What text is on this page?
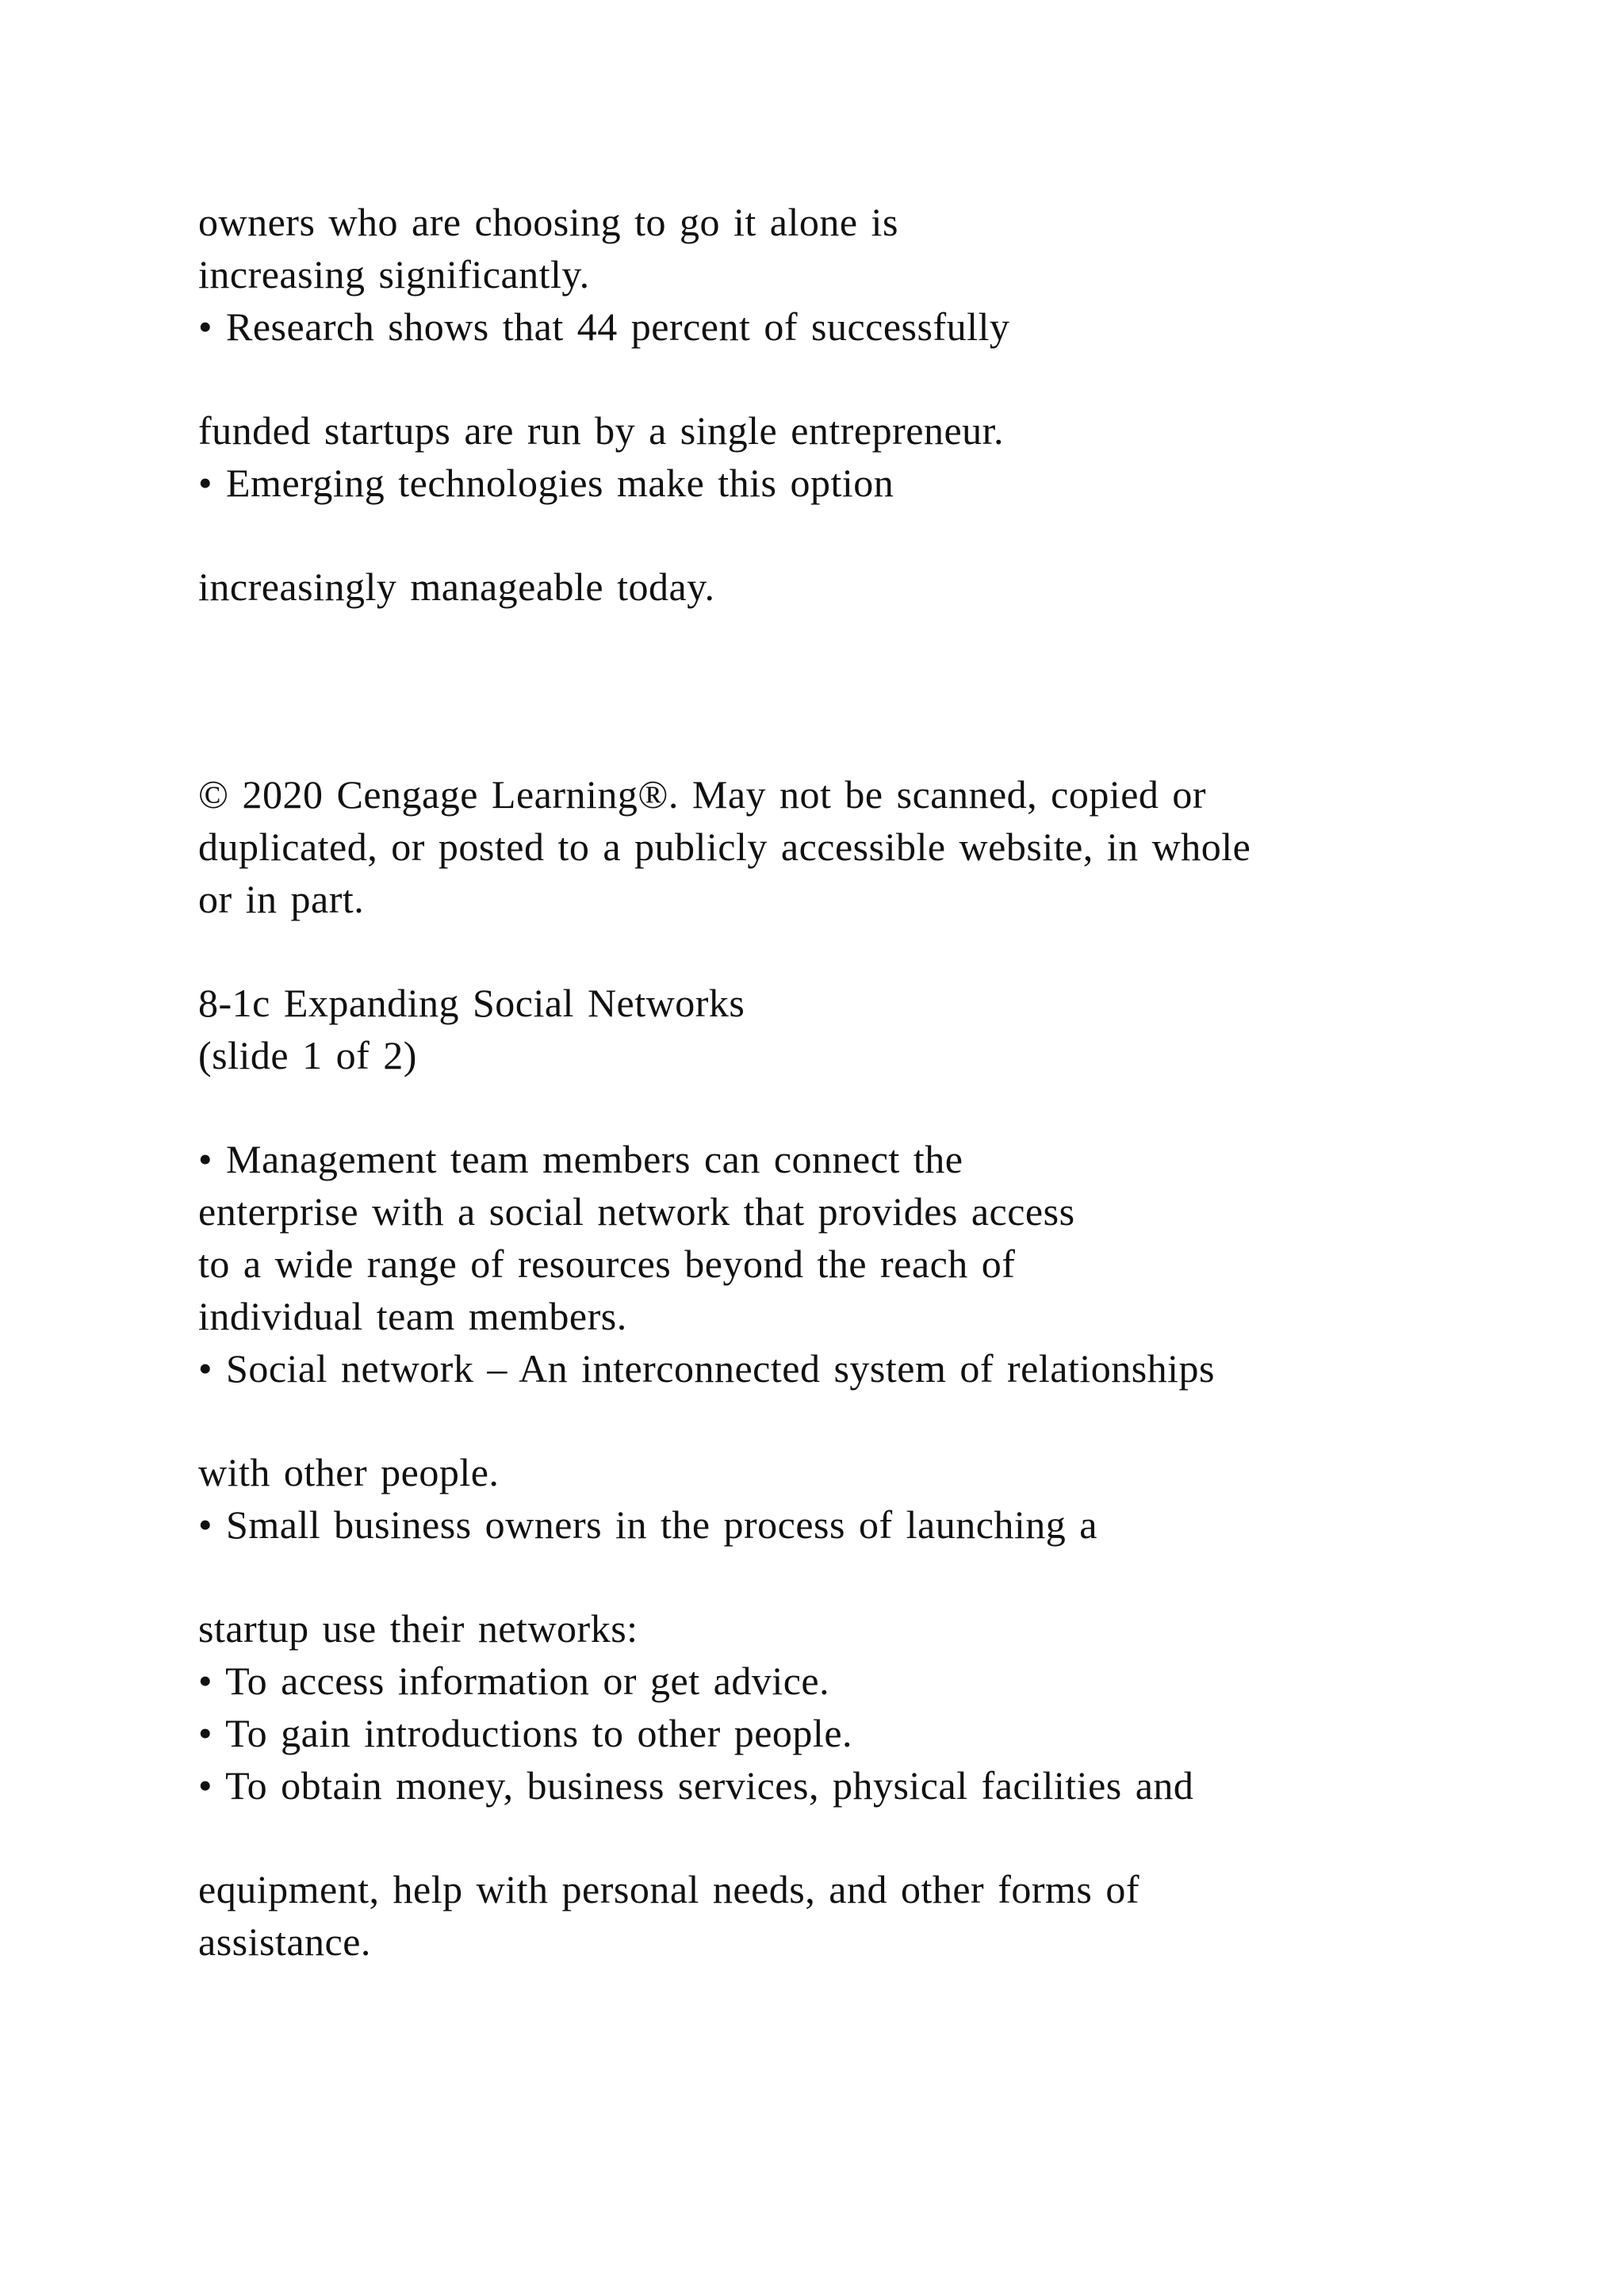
owners who are choosing to go it alone is
increasing significantly.
• Research shows that 44 percent of successfully
funded startups are run by a single entrepreneur.
• Emerging technologies make this option
increasingly manageable today.
© 2020 Cengage Learning®. May not be scanned, copied or
duplicated, or posted to a publicly accessible website, in whole
or in part.
8-1c Expanding Social Networks
(slide 1 of 2)
• Management team members can connect the
enterprise with a social network that provides access
to a wide range of resources beyond the reach of
individual team members.
• Social network – An interconnected system of relationships
with other people.
• Small business owners in the process of launching a
startup use their networks:
• To access information or get advice.
• To gain introductions to other people.
• To obtain money, business services, physical facilities and
equipment, help with personal needs, and other forms of
assistance.
